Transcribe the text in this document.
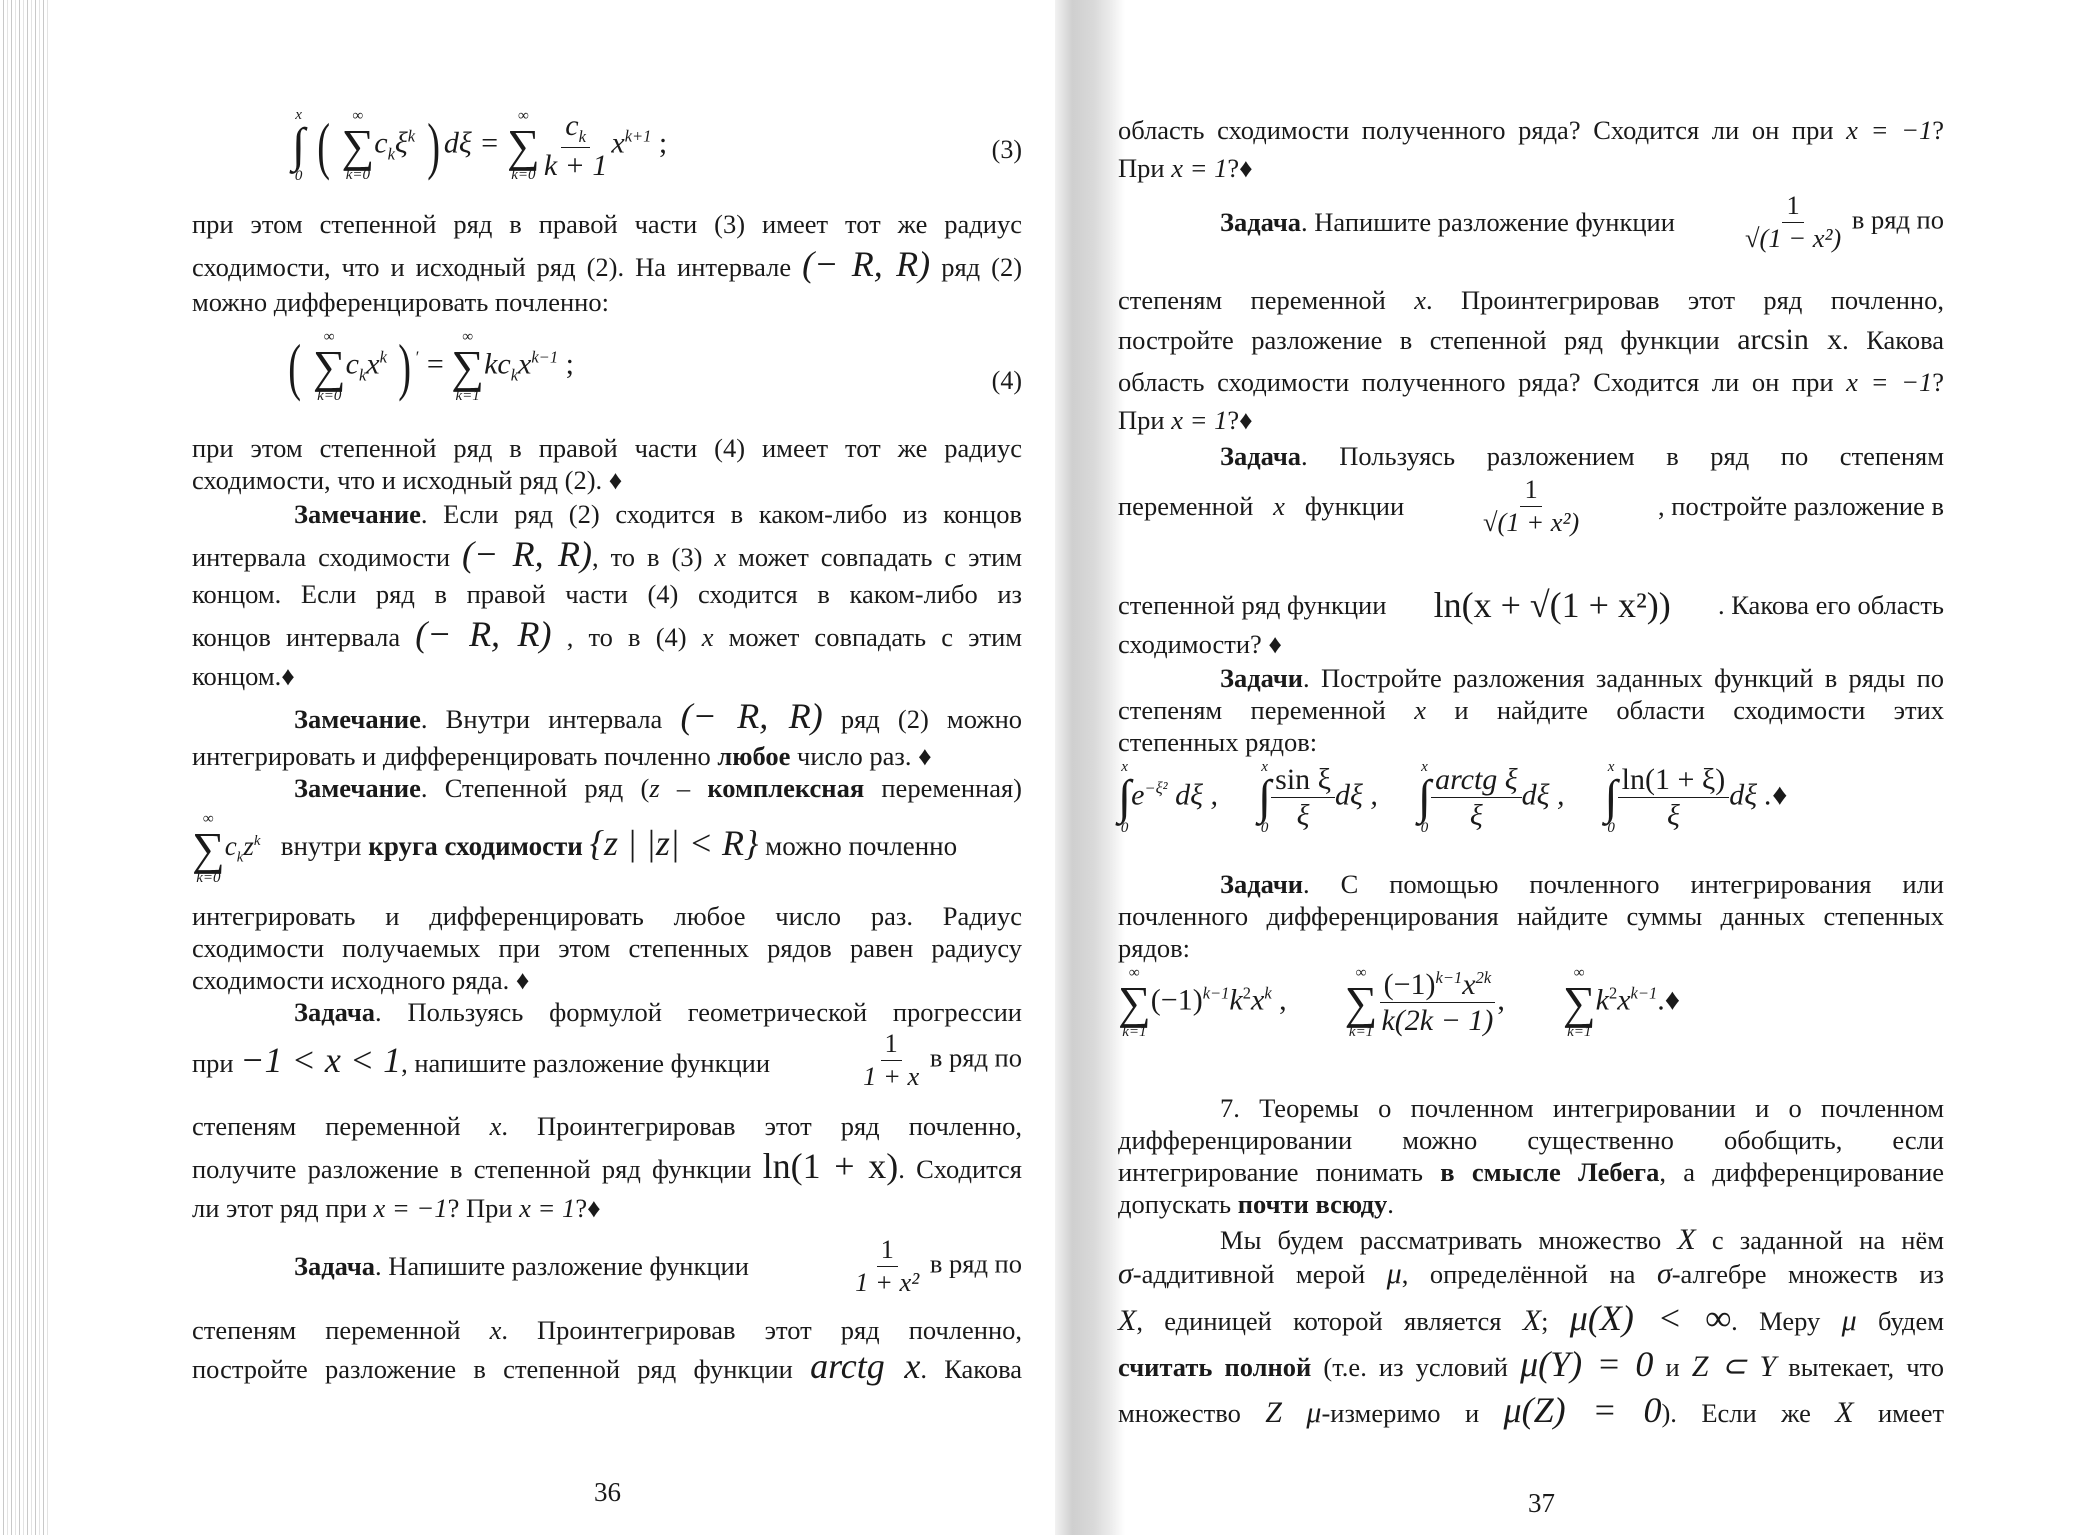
x
∫
0 ( ∞
∑
k=0
$c_k\xi^k$ ) dξ =
∞
∑
$k=0 \frac{c_k}{k + 1} x^{k+1}$ ;	(3)
при этом степенной ряд в правой части (3) имеет тот же радиус
сходимости, что и исходный ряд (2). На интервале (− R, R) ряд (2)
можно дифференцировать почленно:
( ∞
∑
k=0
$c_kx^k$ ) ′ =
∞
∑
k=1
$kc_kx^{k-1}$ ;	(4)
при этом степенной ряд в правой части (4) имеет тот же радиус
сходимости, что и исходный ряд (2). ♦
Замечание. Если ряд (2) сходится в каком-либо из концов
интервала сходимости (− R, R), то в (3) x может совпадать с этим
концом. Если ряд в правой части (4) сходится в каком-либо из
концов интервала (− R, R) , то в (4) x может совпадать с этим
концом.♦
Замечание. Внутри интервала (− R, R) ряд (2) можно
интегрировать и дифференцировать почленно любое число раз. ♦
Замечание. Степенной ряд (z – комплексная переменная)
∞
∑
k=0
$c_kz^k$ внутри круга сходимости {z | |z| < R} можно почленно
интегрировать и дифференцировать любое число раз. Радиус
сходимости получаемых при этом степенных рядов равен радиусу
сходимости исходного ряда. ♦
Задача. Пользуясь формулой геометрической прогрессии
при −1 < x < 1, напишите разложение функции	$\frac{1}{1 + x}$ в ряд по
степеням переменной x. Проинтегрировав этот ряд почленно,
получите разложение в степенной ряд функции ln(1 + x). Сходится
ли этот ряд при x = −1? При x = 1?♦
Задача. Напишите разложение функции	$\frac{1}{\text{1 + x²}}$ в ряд по
степеням переменной x. Проинтегрировав этот ряд почленно,
постройте разложение в степенной ряд функции arctg x. Какова
36
область сходимости полученного ряда? Сходится ли он при x = −1?
При x = 1?♦
Задача. Напишите разложение функции $\frac{1}{\text{√(1 − x²)}}$ в ряд по
степеням переменной x. Проинтегрировав этот ряд почленно,
постройте разложение в степенной ряд функции arcsin x. Какова
область сходимости полученного ряда? Сходится ли он при x = −1?
При x = 1?♦
Задача. Пользуясь разложением в ряд по степеням
переменной x функции	$\frac{1}{\text{√(1 + x²)}}$	, постройте разложение в
степенной ряд функции ln(x + √(1 + x²)) . Какова его область
сходимости? ♦
Задачи. Постройте разложения заданных функций в ряды по
степеням переменной x и найдите области сходимости этих
степенных рядов:
x
∫
0
$e^{-\xi^2}$ dξ ,
x
∫
$0 \frac{\text{sin ξ}}{\xi}$ dξ ,
x
∫
$0 \frac{\text{arctg ξ}}{\xi}$ dξ ,
x
∫
$0 \frac{\ln(1 + \xi)}{\xi}$ dξ .♦
Задачи. С помощью почленного интегрирования или
почленного дифференцирования найдите суммы данных степенных
рядов:
∞
∑
k=1
$(-1)^{k-1}k^2x^k$ ,
∞
∑
$k=1 \frac{(-1)^{k-1}x^{2k}}{k(2k - 1)}$ ,
∞
∑
k=1
$k^2x^{k-1}.♦$
7. Теоремы о почленном интегрировании и о почленном
дифференцировании можно существенно обобщить, если
интегрирование понимать в смысле Лебега, а дифференцирование
допускать почти всюду.
Мы будем рассматривать множество X с заданной на нём
σ-аддитивной мерой μ, определённой на σ-алгебре множеств из
X, единицей которой является X; μ(X) < ∞. Меру μ будем
считать полной (т.е. из условий μ(Y) = 0 и Z ⊂ Y вытекает, что
множество Z μ-измеримо и μ(Z) = 0). Если же X имеет
37
